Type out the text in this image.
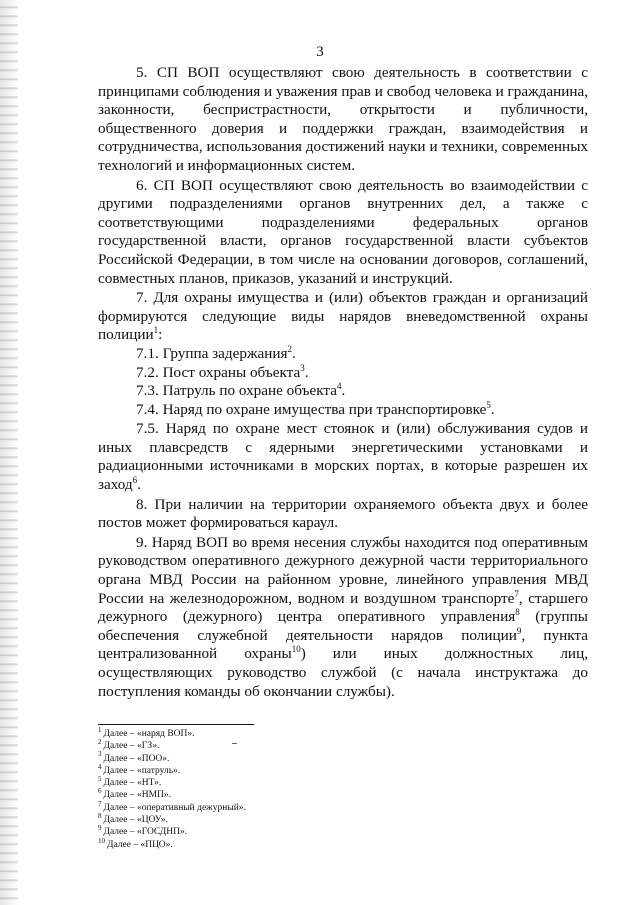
3

5. СП ВОП осуществляют свою деятельность в соответствии с принципами соблюдения и уважения прав и свобод человека и гражданина, законности, беспристрастности, открытости и публичности, общественного доверия и поддержки граждан, взаимодействия и сотрудничества, использования достижений науки и техники, современных технологий и информационных систем.

6. СП ВОП осуществляют свою деятельность во взаимодействии с другими подразделениями органов внутренних дел, а также с соответствующими подразделениями федеральных органов государственной власти, органов государственной власти субъектов Российской Федерации, в том числе на основании договоров, соглашений, совместных планов, приказов, указаний и инструкций.

7. Для охраны имущества и (или) объектов граждан и организаций формируются следующие виды нарядов вневедомственной охраны полиции$^1$:

7.1. Группа задержания$^2$.

7.2. Пост охраны объекта$^3$.

7.3. Патруль по охране объекта$^4$.

7.4. Наряд по охране имущества при транспортировке$^5$.

7.5. Наряд по охране мест стоянок и (или) обслуживания судов и иных плавсредств с ядерными энергетическими установками и радиационными источниками в морских портах, в которые разрешен их заход$^6$.

8. При наличии на территории охраняемого объекта двух и более постов может формироваться караул.

9. Наряд ВОП во время несения службы находится под оперативным руководством оперативного дежурного дежурной части территориального органа МВД России на районном уровне, линейного управления МВД России на железнодорожном, водном и воздушном транспорте$^7$, старшего дежурного (дежурного) центра оперативного управления$^8$ (группы обеспечения служебной деятельности нарядов полиции$^9$, пункта централизованной охраны$^{10}$) или иных должностных лиц, осуществляющих руководство службой (с начала инструктажа до поступления команды об окончании службы).

$^1$ Далее – «наряд ВОП».

$^2$ Далее – «ГЗ».

$^3$ Далее – «ПОО».

$^4$ Далее – «патруль».

$^5$ Далее – «НТ».

$^6$ Далее – «НМП».

$^7$ Далее – «оперативный дежурный».

$^8$ Далее – «ЦОУ».

$^9$ Далее – «ГОСДНП».

$^{10}$ Далее – «ПЦО».
